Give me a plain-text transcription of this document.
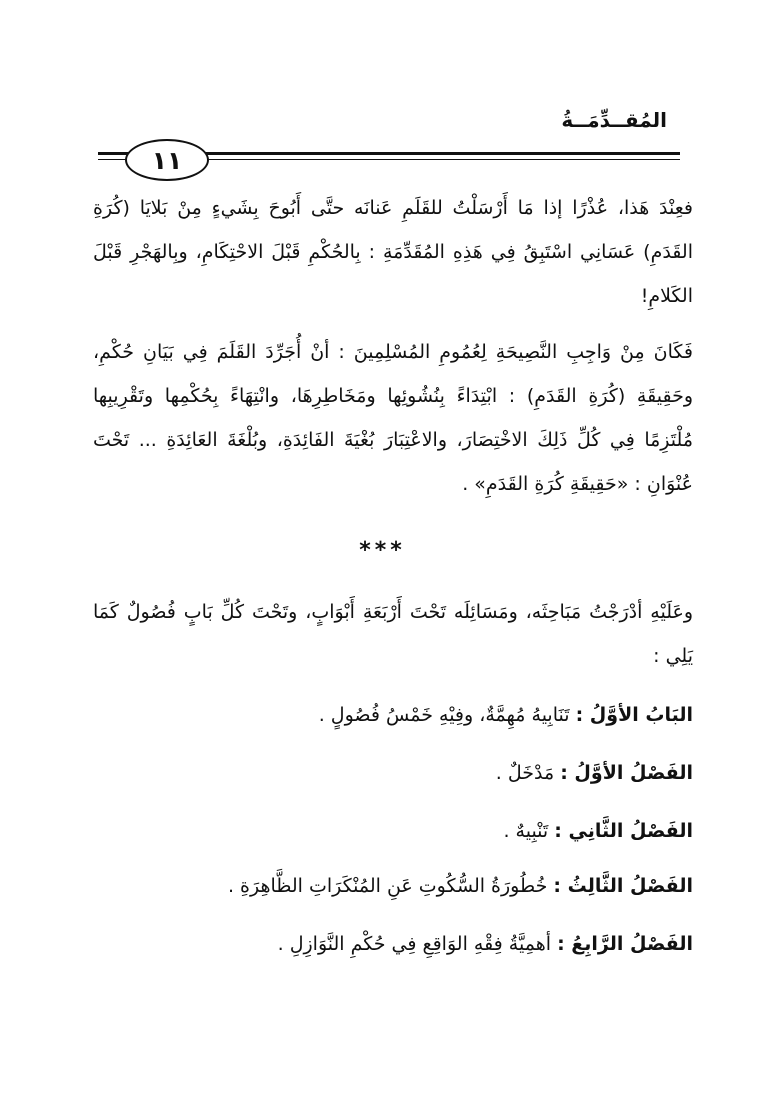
المُقــدِّمَــةُ
١١

فعِنْدَ هَذا، عُذْرًا إذا مَا أَرْسَلْتُ للقَلَمِ عَنانَه حتَّى أَبُوحَ بِشَيءٍ مِنْ بَلايَا (كُرَةِ القَدَمِ) عَسَانِي اسْتَبِقُ فِي هَذِهِ المُقَدِّمَةِ : بِالحُكْمِ قَبْلَ الاحْتِكَامِ، وبِالهَجْرِ قَبْلَ الكَلامِ!

فَكَانَ مِنْ وَاجِبِ النَّصِيحَةِ لِعُمُومِ المُسْلِمِينَ : أنْ أُجَرِّدَ القَلَمَ فِي بَيَانِ حُكْمِ، وحَقِيقَةِ (كُرَةِ القَدَمِ) : ابْتِدَاءً بِنُشُوئِها ومَخَاطِرِهَا، وانْتِهَاءً بِحُكْمِها وتَقْرِيبِها مُلْتَزِمًا فِي كُلِّ ذَلِكَ الاخْتِصَارَ، والاعْتِبَارَ بُغْيَةَ الفَائِدَةِ، وبُلْغَةَ العَائِدَةِ ... تَحْتَ عُنْوَانِ : «حَقِيقَةِ كُرَةِ القَدَمِ» .

***

وعَلَيْهِ أدْرَجْتُ مَبَاحِثَه، ومَسَائِلَه تَحْتَ أَرْبَعَةِ أَبْوَابٍ، وتَحْتَ كُلِّ بَابٍ فُصُولٌ كَمَا يَلِي :

البَابُ الأوَّلُ : تَنَابِيهُ مُهِمَّةٌ، وفِيْهِ خَمْسُ فُصُولٍ .
الفَصْلُ الأوَّلُ : مَدْخَلٌ .
الفَصْلُ الثَّانِي : تَنْبِيهٌ .
الفَصْلُ الثَّالِثُ : خُطُورَةُ السُّكُوتِ عَنِ المُنْكَرَاتِ الظَّاهِرَةِ .
الفَصْلُ الرَّابِعُ : أهمِيَّةُ فِقْهِ الوَاقِعِ فِي حُكْمِ النَّوَازِلِ .
